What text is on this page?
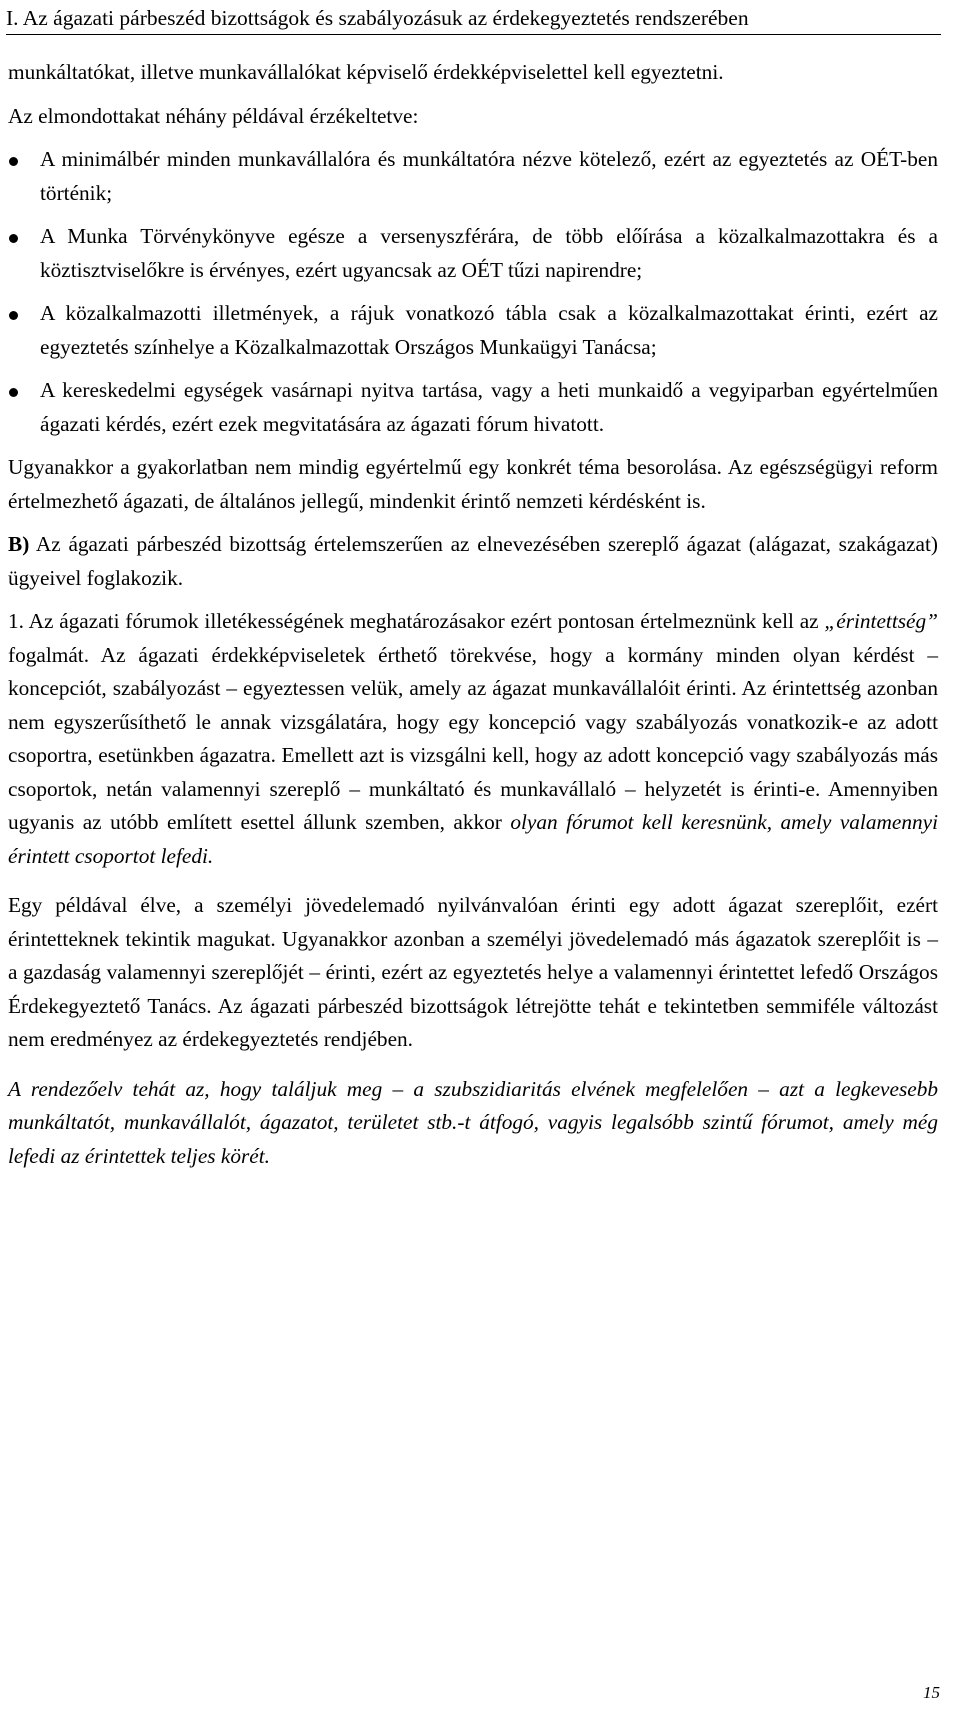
I. Az ágazati párbeszéd bizottságok és szabályozásuk az érdekegyeztetés rendszerében

munkáltatókat, illetve munkavállalókat képviselő érdekképviselettel kell egyeztetni.

Az elmondottakat néhány példával érzékeltetve:

A minimálbér minden munkavállalóra és munkáltatóra nézve kötelező, ezért az egyeztetés az OÉT-ben történik;
A Munka Törvénykönyve egésze a versenyszférára, de több előírása a közalkalmazottakra és a köztisztviselőkre is érvényes, ezért ugyancsak az OÉT tűzi napirendre;
A közalkalmazotti illetmények, a rájuk vonatkozó tábla csak a közalkalmazottakat érinti, ezért az egyeztetés színhelye a Közalkalmazottak Országos Munkaügyi Tanácsa;
A kereskedelmi egységek vasárnapi nyitva tartása, vagy a heti munkaidő a vegyiparban egyértelműen ágazati kérdés, ezért ezek megvitatására az ágazati fórum hivatott.

Ugyanakkor a gyakorlatban nem mindig egyértelmű egy konkrét téma besorolása. Az egészségügyi reform értelmezhető ágazati, de általános jellegű, mindenkit érintő nemzeti kérdésként is.

B) Az ágazati párbeszéd bizottság értelemszerűen az elnevezésében szereplő ágazat (alágazat, szakágazat) ügyeivel foglakozik.

1. Az ágazati fórumok illetékességének meghatározásakor ezért pontosan értelmeznünk kell az „érintettség” fogalmát. Az ágazati érdekképviseletek érthető törekvése, hogy a kormány minden olyan kérdést – koncepciót, szabályozást – egyeztessen velük, amely az ágazat munkavállalóit érinti. Az érintettség azonban nem egyszerűsíthető le annak vizsgálatára, hogy egy koncepció vagy szabályozás vonatkozik-e az adott csoportra, esetünkben ágazatra. Emellett azt is vizsgálni kell, hogy az adott koncepció vagy szabályozás más csoportok, netán valamennyi szereplő – munkáltató és munkavállaló – helyzetét is érinti-e. Amennyiben ugyanis az utóbb említett esettel állunk szemben, akkor olyan fórumot kell keresnünk, amely valamennyi érintett csoportot lefedi.

Egy példával élve, a személyi jövedelemadó nyilvánvalóan érinti egy adott ágazat szereplőit, ezért érintetteknek tekintik magukat. Ugyanakkor azonban a személyi jövedelemadó más ágazatok szereplőit is – a gazdaság valamennyi szereplőjét – érinti, ezért az egyeztetés helye a valamennyi érintettet lefedő Országos Érdekegyeztető Tanács. Az ágazati párbeszéd bizottságok létrejötte tehát e tekintetben semmiféle változást nem eredményez az érdekegyeztetés rendjében.

A rendezőelv tehát az, hogy találjuk meg – a szubszidiaritás elvének megfelelően – azt a legkevesebb munkáltatót, munkavállalót, ágazatot, területet stb.-t átfogó, vagyis legalsóbb szintű fórumot, amely még lefedi az érintettek teljes körét.

15
